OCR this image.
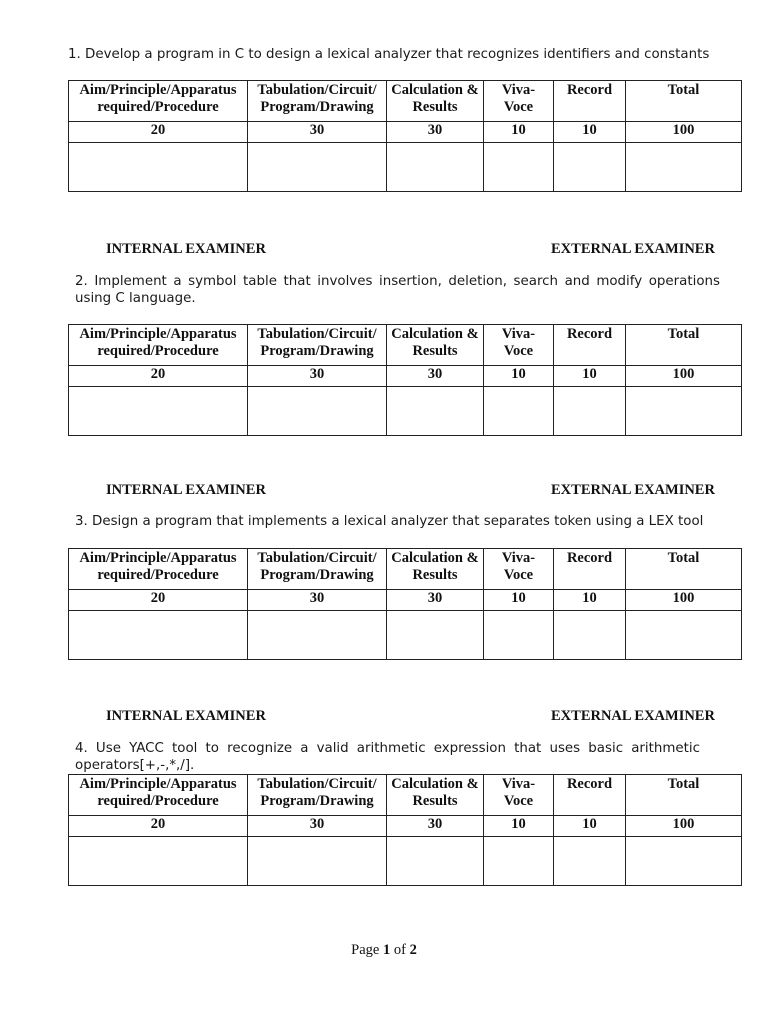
1. Develop a program in C to design a lexical analyzer that recognizes identifiers and constants
Aim/Principle/Apparatus required/Procedure	Tabulation/Circuit/ Program/Drawing	Calculation & Results	Viva- Voce	Record	Total
20	30	30	10	10	100

INTERNAL EXAMINER	EXTERNAL EXAMINER
2. Implement a symbol table that involves insertion, deletion, search and modify operations using C language.
Aim/Principle/Apparatus required/Procedure	Tabulation/Circuit/ Program/Drawing	Calculation & Results	Viva- Voce	Record	Total
20	30	30	10	10	100

INTERNAL EXAMINER	EXTERNAL EXAMINER
3. Design a program that implements a lexical analyzer that separates token using a LEX tool
Aim/Principle/Apparatus required/Procedure	Tabulation/Circuit/ Program/Drawing	Calculation & Results	Viva- Voce	Record	Total
20	30	30	10	10	100

INTERNAL EXAMINER	EXTERNAL EXAMINER
4. Use YACC tool to recognize a valid arithmetic expression that uses basic arithmetic operators[+,-,*,/].
Aim/Principle/Apparatus required/Procedure	Tabulation/Circuit/ Program/Drawing	Calculation & Results	Viva- Voce	Record	Total
20	30	30	10	10	100

Page 1 of 2
